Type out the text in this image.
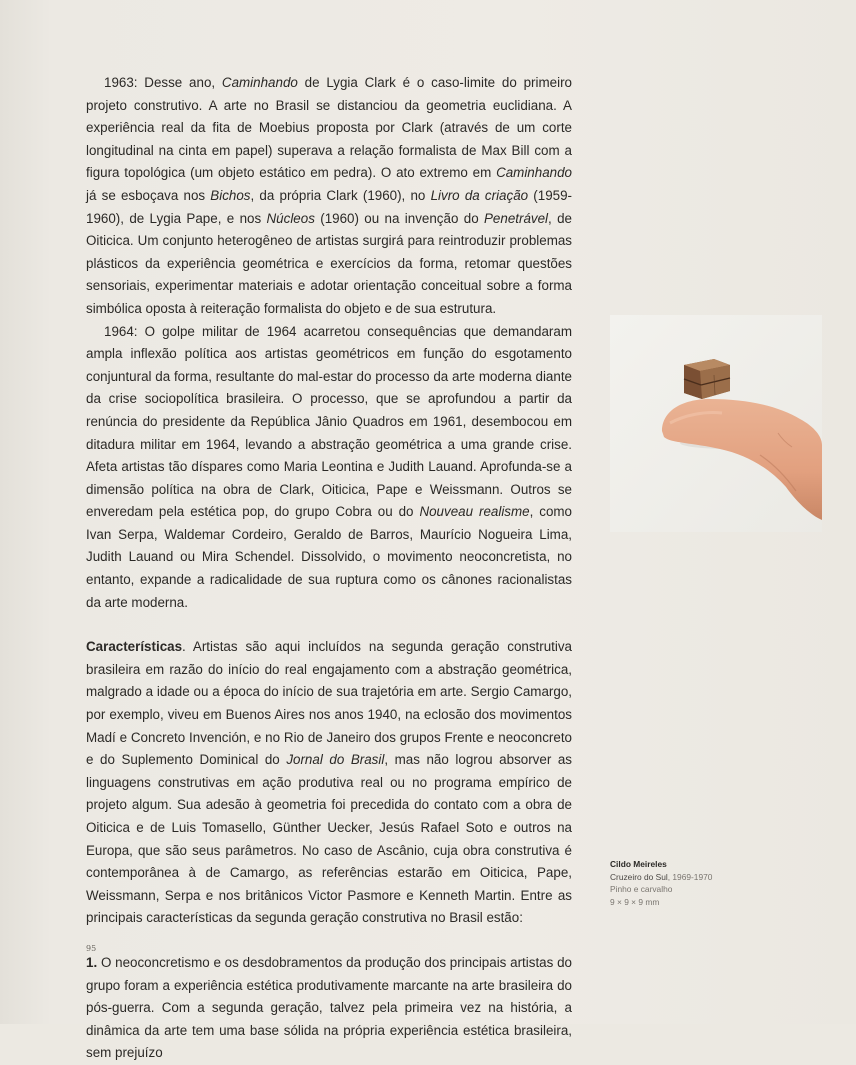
1963: Desse ano, Caminhando de Lygia Clark é o caso-limite do primeiro projeto construtivo. A arte no Brasil se distanciou da geometria euclidiana. A experiência real da fita de Moebius proposta por Clark (através de um corte longitudinal na cinta em papel) superava a relação formalista de Max Bill com a figura topológica (um objeto estático em pedra). O ato extremo em Caminhando já se esboçava nos Bichos, da própria Clark (1960), no Livro da criação (1959-1960), de Lygia Pape, e nos Núcleos (1960) ou na invenção do Penetrável, de Oiticica. Um conjunto heterogêneo de artistas surgirá para reintroduzir problemas plásticos da experiência geométrica e exercícios da forma, retomar questões sensoriais, experimentar materiais e adotar orientação conceitual sobre a forma simbólica oposta à reiteração formalista do objeto e de sua estrutura.

1964: O golpe militar de 1964 acarretou consequências que demandaram ampla inflexão política aos artistas geométricos em função do esgotamento conjuntural da forma, resultante do mal-estar do processo da arte moderna diante da crise sociopolítica brasileira. O processo, que se aprofundou a partir da renúncia do presidente da República Jânio Quadros em 1961, desembocou em ditadura militar em 1964, levando a abstração geométrica a uma grande crise. Afeta artistas tão díspares como Maria Leontina e Judith Lauand. Aprofunda-se a dimensão política na obra de Clark, Oiticica, Pape e Weissmann. Outros se enveredam pela estética pop, do grupo Cobra ou do Nouveau realisme, como Ivan Serpa, Waldemar Cordeiro, Geraldo de Barros, Maurício Nogueira Lima, Judith Lauand ou Mira Schendel. Dissolvido, o movimento neoconcretista, no entanto, expande a radicalidade de sua ruptura como os cânones racionalistas da arte moderna.

Características. Artistas são aqui incluídos na segunda geração construtiva brasileira em razão do início do real engajamento com a abstração geométrica, malgrado a idade ou a época do início de sua trajetória em arte. Sergio Camargo, por exemplo, viveu em Buenos Aires nos anos 1940, na eclosão dos movimentos Madí e Concreto Invención, e no Rio de Janeiro dos grupos Frente e neoconcreto e do Suplemento Dominical do Jornal do Brasil, mas não logrou absorver as linguagens construtivas em ação produtiva real ou no programa empírico de projeto algum. Sua adesão à geometria foi precedida do contato com a obra de Oiticica e de Luis Tomasello, Günther Uecker, Jesús Rafael Soto e outros na Europa, que são seus parâmetros. No caso de Ascânio, cuja obra construtiva é contemporânea à de Camargo, as referências estarão em Oiticica, Pape, Weissmann, Serpa e nos britânicos Victor Pasmore e Kenneth Martin. Entre as principais características da segunda geração construtiva no Brasil estão:

1. O neoconcretismo e os desdobramentos da produção dos principais artistas do grupo foram a experiência estética produtivamente marcante na arte brasileira do pós-guerra. Com a segunda geração, talvez pela primeira vez na história, a dinâmica da arte tem uma base sólida na própria experiência estética brasileira, sem prejuízo

Cildo Meireles
Cruzeiro do Sul, 1969-1970
Pinho e carvalho
9 × 9 × 9 mm
95
